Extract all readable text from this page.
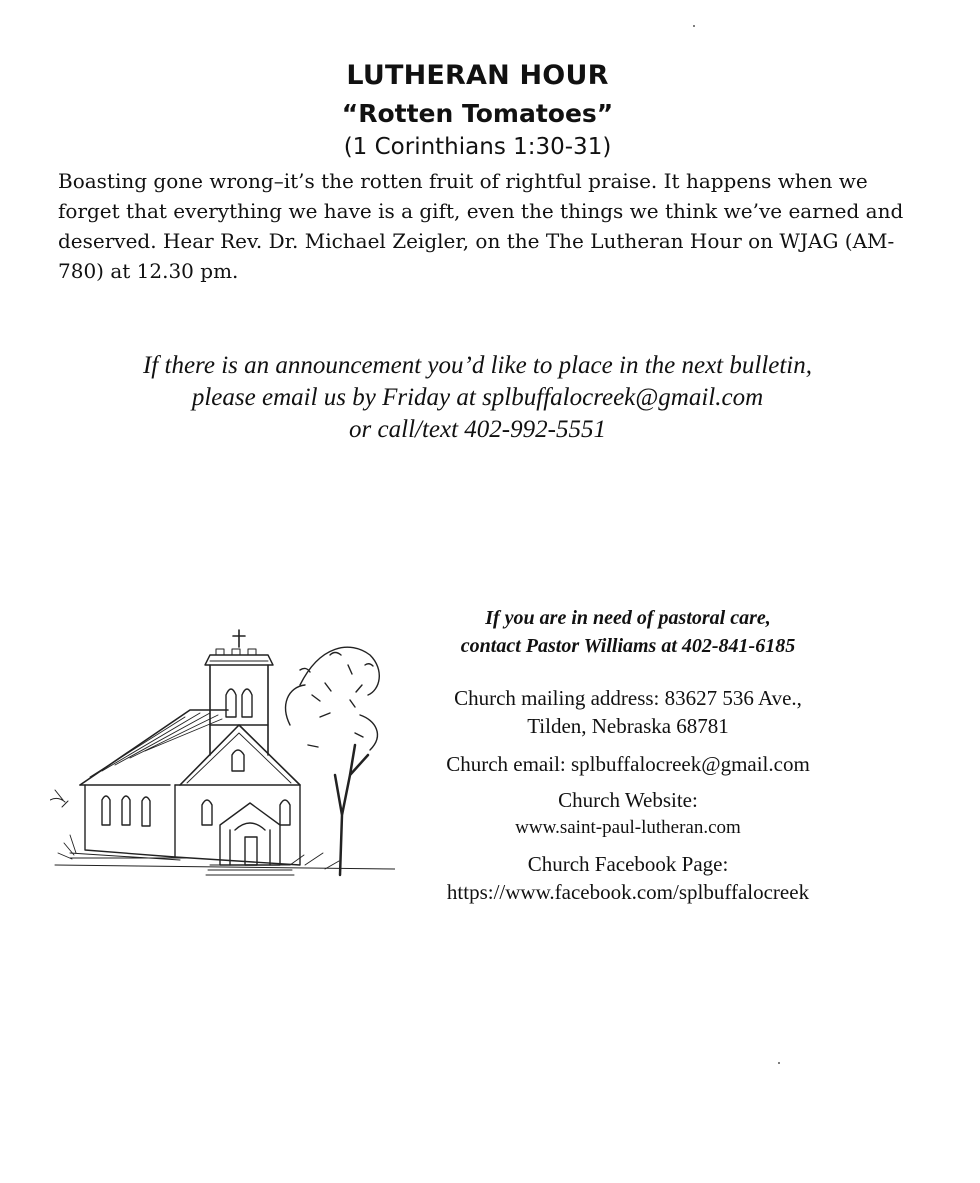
LUTHERAN HOUR
“Rotten Tomatoes”
(1 Corinthians 1:30-31)

Boasting gone wrong–it’s the rotten fruit of rightful praise. It happens when we forget that everything we have is a gift, even the things we think we’ve earned and deserved. Hear Rev. Dr. Michael Zeigler, on the The Lutheran Hour on WJAG (AM-780) at 12.30 pm.

If there is an announcement you’d like to place in the next bulletin,
please email us by Friday at splbuffalocreek@gmail.com
or call/text 402-992-5551
If you are in need of pastoral care,
contact Pastor Williams at 402-841-6185
Church mailing address: 83627 536 Ave.,
Tilden, Nebraska 68781
Church email: splbuffalocreek@gmail.com
Church Website:
www.saint-paul-lutheran.com
Church Facebook Page:
https://www.facebook.com/splbuffalocreek
